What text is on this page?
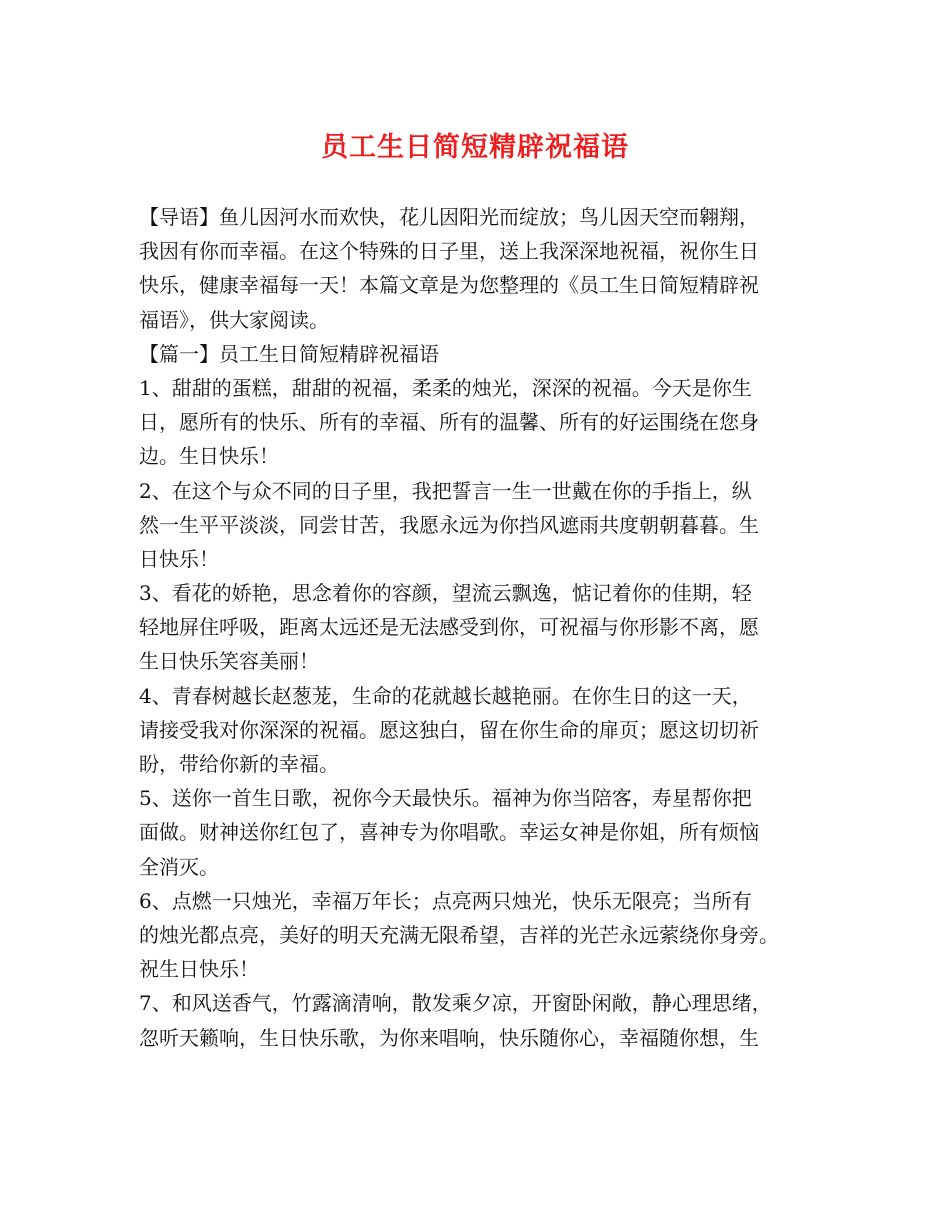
员工生日简短精辟祝福语
【导语】鱼儿因河水而欢快，花儿因阳光而绽放；鸟儿因天空而翱翔，
我因有你而幸福。在这个特殊的日子里，送上我深深地祝福，祝你生日
快乐，健康幸福每一天！本篇文章是为您整理的《员工生日简短精辟祝
福语》，供大家阅读。
【篇一】员工生日简短精辟祝福语
1、甜甜的蛋糕，甜甜的祝福，柔柔的烛光，深深的祝福。今天是你生
日，愿所有的快乐、所有的幸福、所有的温馨、所有的好运围绕在您身
边。生日快乐！
2、在这个与众不同的日子里，我把誓言一生一世戴在你的手指上，纵
然一生平平淡淡，同尝甘苦，我愿永远为你挡风遮雨共度朝朝暮暮。生
日快乐！
3、看花的娇艳，思念着你的容颜，望流云飘逸，惦记着你的佳期，轻
轻地屏住呼吸，距离太远还是无法感受到你，可祝福与你形影不离，愿
生日快乐笑容美丽！
4、青春树越长赵葱茏，生命的花就越长越艳丽。在你生日的这一天，
请接受我对你深深的祝福。愿这独白，留在你生命的扉页；愿这切切祈
盼，带给你新的幸福。
5、送你一首生日歌，祝你今天最快乐。福神为你当陪客，寿星帮你把
面做。财神送你红包了，喜神专为你唱歌。幸运女神是你姐，所有烦恼
全消灭。
6、点燃一只烛光，幸福万年长；点亮两只烛光，快乐无限亮；当所有
的烛光都点亮，美好的明天充满无限希望，吉祥的光芒永远萦绕你身旁。
祝生日快乐！
7、和风送香气，竹露滴清响，散发乘夕凉，开窗卧闲敞，静心理思绪，
忽听天籁响，生日快乐歌，为你来唱响，快乐随你心，幸福随你想，生
